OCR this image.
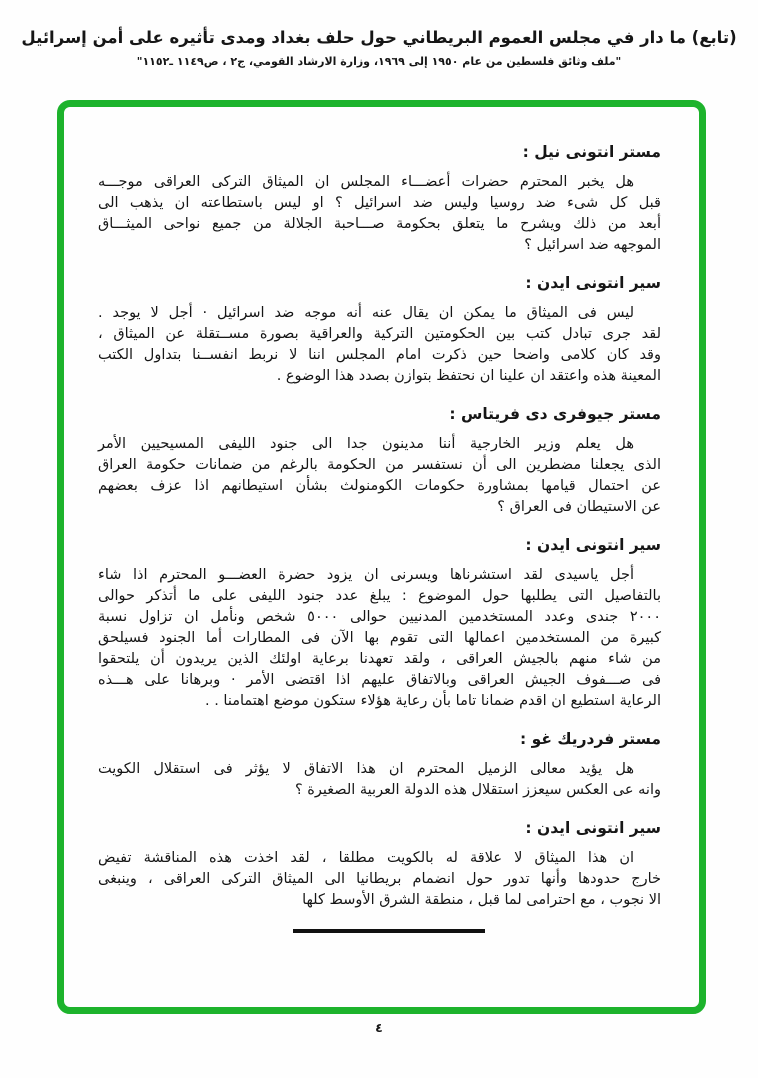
(تابع) ما دار في مجلس العموم البريطاني حول حلف بغداد ومدى تأثيره على أمن إسرائيل
"ملف وثائق فلسطين من عام ١٩٥٠ إلى ١٩٦٩، وزارة الارشاد القومي، ج٢ ، ص١١٤٩ ـ١١٥٢"
مستر انتونى نيل :

هل يخبر المحترم حضرات أعضـــاء المجلس ان الميثاق التركى العراقى موجـــه
قبل كل شىء ضد روسيا وليس ضد اسرائيل ؟ او ليس باستطاعته ان يذهب الى
أبعد من ذلك ويشرح ما يتعلق بحكومة صـــاحبة الجلالة من جميع نواحى الميثـــاق
الموجهه ضد اسرائيل ؟

سير انتونى ايدن :

ليس فى الميثاق ما يمكن ان يقال عنه أنه موجه ضد اسرائيل · أجل لا يوجد .
لقد جرى تبادل كتب بين الحكومتين التركية والعراقية بصورة مســتقلة عن الميثاق ،
وقد كان كلامى واضحا حين ذكرت امام المجلس اننا لا نربط انفســنا بتداول الكتب
المعينة هذه واعتقد ان علينا ان نحتفظ بتوازن بصدد هذا الوضوع .

مستر جيوفرى دى فريتاس :

هل يعلم وزير الخارجية أننا مدينون جدا الى جنود الليفى المسيحيين الأمر
الذى يجعلنا مضطرين الى أن نستفسر من الحكومة بالرغم من ضمانات حكومة العراق
عن احتمال قيامها بمشاورة حكومات الكومنولث بشأن استيطانهم اذا عزف بعضهم
عن الاستيطان فى العراق ؟

سير انتونى ايدن :

أجل ياسيدى لقد استشرناها ويسرنى ان يزود حضرة العضـــو المحترم اذا شاء
بالتفاصيل التى يطلبها حول الموضوع : يبلغ عدد جنود الليفى على ما أتذكر حوالى
٢٠٠٠ جندى وعدد المستخدمين المدنيين حوالى ٥٠٠٠ شخص ونأمل ان تزاول نسبة
كبيرة من المستخدمين اعمالها التى تقوم بها الآن فى المطارات أما الجنود فسيلحق
من شاء منهم بالجيش العراقى ، ولقد تعهدنا برعاية اولئك الذين يريدون أن يلتحقوا
فى صـــفوف الجيش العراقى وبالاتفاق عليهم اذا اقتضى الأمر · وبرهانا على هـــذه
الرعاية استطيع ان اقدم ضمانا تاما بأن رعاية هؤلاء ستكون موضع اهتمامنا . .

مستر فردريك غو :

هل يؤيد معالى الزميل المحترم ان هذا الاتفاق لا يؤثر فى استقلال الكويت
وانه عى العكس سيعزز استقلال هذه الدولة العربية الصغيرة ؟

سير انتونى ايدن :

ان هذا الميثاق لا علاقة له بالكويت مطلقا ، لقد اخذت هذه المناقشة تفيض
خارج حدودها وأنها تدور حول انضمام بريطانيا الى الميثاق التركى العراقى ، وينبغى
الا نجوب ، مع احترامى لما قبل ، منطقة الشرق الأوسط كلها

٤
